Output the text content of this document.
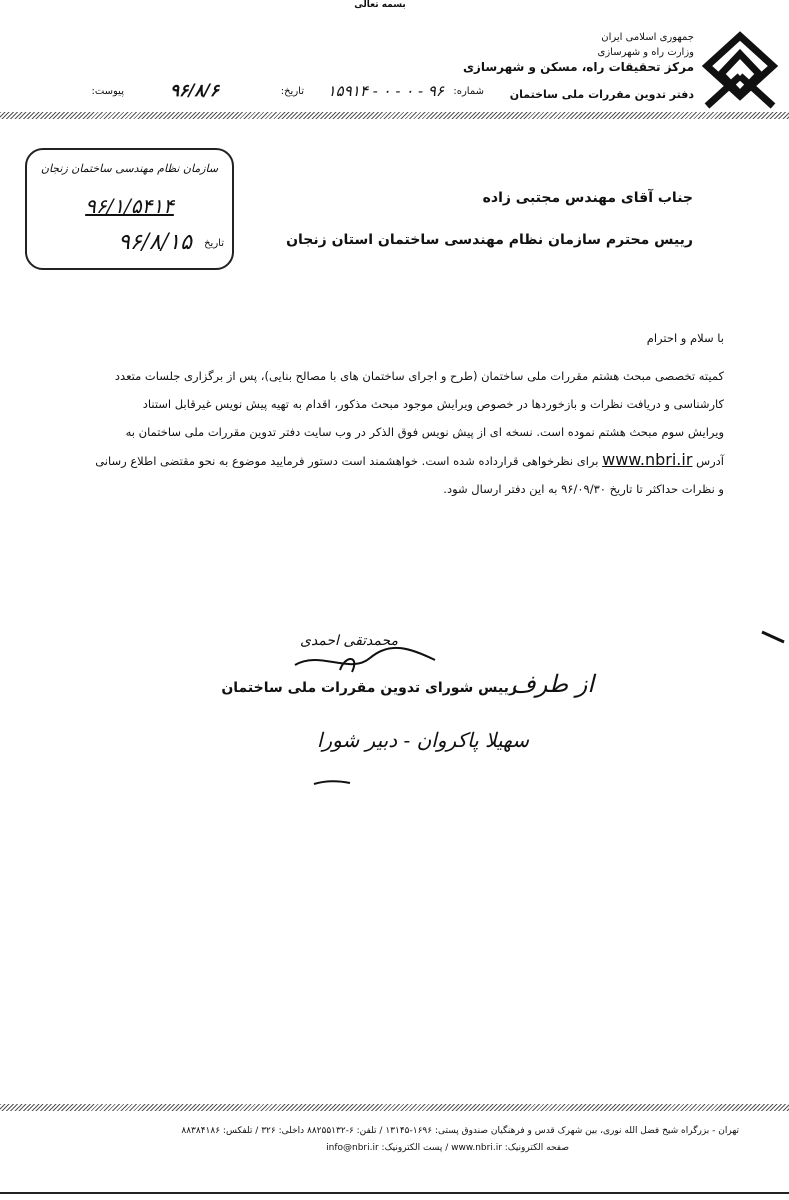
بسمه تعالی
جمهوری اسلامی ایران
وزارت راه و شهرسازی
مرکز تحقیقات راه، مسکن و شهرسازی
دفتر تدوین مقررات ملی ساختمان
شماره:
۹۶ - ۰ - ۰ - ۱۵۹۱۴
تاریخ:
۹۶/۸/۶
پیوست:
سازمان نظام مهندسی ساختمان زنجان
۹۶/۱/۵۴۱۴
تاریخ
۹۶/۸/۱۵
جناب آقای مهندس مجتبی زاده
رییس محترم سازمان نظام مهندسی ساختمان استان زنجان
با سلام و احترام
کمیته تخصصی مبحث هشتم مقررات ملی ساختمان (طرح و اجرای ساختمان های با مصالح بنایی)، پس از برگزاری جلسات متعدد
کارشناسی و دریافت نظرات و بازخوردها در خصوص ویرایش موجود مبحث مذکور، اقدام به تهیه پیش نویس غیرقابل استناد
ویرایش سوم مبحث هشتم نموده است. نسخه ای از پیش نویس فوق الذکر در وب سایت دفتر تدوین مقررات ملی ساختمان به
آدرس www.nbri.ir برای نظرخواهی قرارداده شده است. خواهشمند است دستور فرمایید موضوع به نحو مقتضی اطلاع رسانی
و نظرات حداکثر تا تاریخ ۹۶/۰۹/۳۰ به این دفتر ارسال شود.
محمدتقی احمدی
از طرف
رییس شورای تدوین مقررات ملی ساختمان
سهیلا پاکروان - دبیر شورا
تهران - بزرگراه شیخ فضل الله نوری، بین شهرک قدس و فرهنگیان صندوق پستی: ۱۶۹۶-۱۳۱۴۵ / تلفن: ۶-۸۸۲۵۵۱۳۲ داخلی: ۳۲۶ / تلفکس: ۸۸۳۸۴۱۸۶
صفحه الکترونیک: www.nbri.ir / پست الکترونیک: info@nbri.ir
